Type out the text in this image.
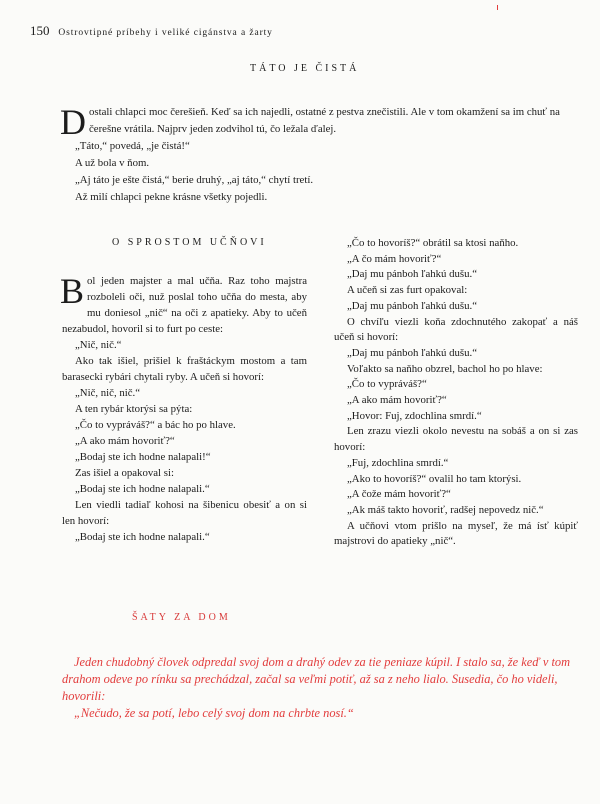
150 Ostrovtipné príbehy i veliké cigánstva a žarty
TÁTO JE ČISTÁ

Dostali chlapci moc čerešieň. Keď sa ich najedli, ostatné z pestva znečistili. Ale v tom okamžení sa im chuť na čerešne vrátila. Najprv jeden zodvihol tú, čo ležala ďalej.

„Táto,“ povedá, „je čistá!“

A už bola v ňom.

„Aj táto je ešte čistá,“ berie druhý, „aj táto,“ chytí tretí.

Až milí chlapci pekne krásne všetky pojedli.

O SPROSTOM UČŇOVI

Bol jeden majster a mal učňa. Raz toho majstra rozboleli oči, nuž poslal toho učňa do mesta, aby mu doniesol „nič“ na oči z apatieky. Aby to učeň nezabudol, hovoril si to furt po ceste:

„Nič, nič.“

Ako tak išiel, prišiel k fraštáckym mostom a tam barasecki rybári chytali ryby. A učeň si hovorí:

„Nič, nič, nič.“

A ten rybár ktorýsi sa pýta:

„Čo to vypráváš?“ a bác ho po hlave.

„A ako mám hovoriť?“

„Bodaj ste ich hodne nalapali!“

Zas išiel a opakoval si:

„Bodaj ste ich hodne nalapali.“

Len viedli tadiaľ kohosi na šibenicu obesiť a on si len hovorí:

„Bodaj ste ich hodne nalapali.“

„Čo to hovoríš?“ obrátil sa ktosi naňho.

„A čo mám hovoriť?“

„Daj mu pánboh ľahkú dušu.“

A učeň si zas furt opakoval:

„Daj mu pánboh ľahkú dušu.“

O chvíľu viezli koňa zdochnutého zakopať a náš učeň si hovorí:

„Daj mu pánboh ľahkú dušu.“

Voľakto sa naňho obzrel, bachol ho po hlave:

„Čo to vypráváš?“

„A ako mám hovoriť?“

„Hovor: Fuj, zdochlina smrdí.“

Len zrazu viezli okolo nevestu na sobáš a on si zas hovorí:

„Fuj, zdochlina smrdí.“

„Ako to hovoríš?“ ovalil ho tam ktorýsi.

„A čože mám hovoriť?“

„Ak máš takto hovoriť, radšej nepovedz nič.“

A učňovi vtom prišlo na myseľ, že má ísť kúpiť majstrovi do apatieky „nič“.

ŠATY ZA DOM

Jeden chudobný človek odpredal svoj dom a drahý odev za tie peniaze kúpil. I stalo sa, že keď v tom drahom odeve po rínku sa prechádzal, začal sa veľmi potiť, až sa z neho lialo. Susedia, čo ho videli, hovorili:

„Nečudo, že sa potí, lebo celý svoj dom na chrbte nosí.“
